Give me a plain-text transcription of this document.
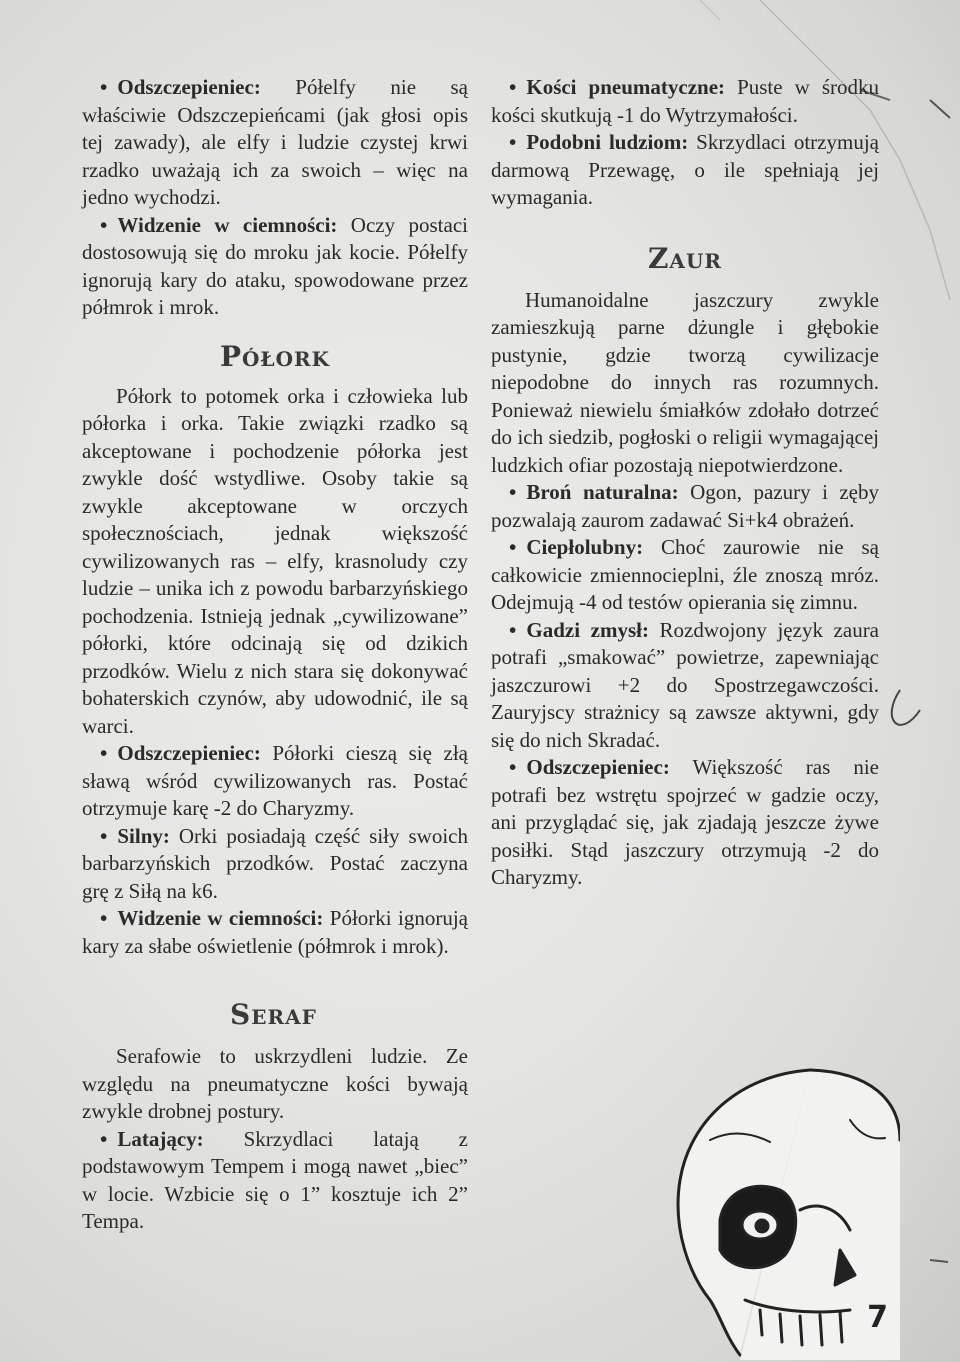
• Odszczepieniec: Półelfy nie są właściwie Odszczepieńcami (jak głosi opis tej zawady), ale elfy i ludzie czystej krwi rzadko uważają ich za swoich – więc na jedno wychodzi.

• Widzenie w ciemności: Oczy postaci dostosowują się do mroku jak kocie. Półelfy ignorują kary do ataku, spowodowane przez półmrok i mrok.

Półork

Półork to potomek orka i człowieka lub półorka i orka. Takie związki rzadko są akceptowane i pochodzenie półorka jest zwykle dość wstydliwe. Osoby takie są zwykle akceptowane w orczych społecznościach, jednak większość cywilizowanych ras – elfy, krasnoludy czy ludzie – unika ich z powodu barbarzyńskiego pochodzenia. Istnieją jednak „cywilizowane” półorki, które odcinają się od dzikich przodków. Wielu z nich stara się dokonywać bohaterskich czynów, aby udowodnić, ile są warci.

• Odszczepieniec: Półorki cieszą się złą sławą wśród cywilizowanych ras. Postać otrzymuje karę -2 do Charyzmy.

• Silny: Orki posiadają część siły swoich barbarzyńskich przodków. Postać zaczyna grę z Siłą na k6.

• Widzenie w ciemności: Półorki ignorują kary za słabe oświetlenie (półmrok i mrok).

Seraf

Serafowie to uskrzydleni ludzie. Ze względu na pneumatyczne kości bywają zwykle drobnej postury.

• Latający: Skrzydlaci latają z podstawowym Tempem i mogą nawet „biec” w locie. Wzbicie się o 1” kosztuje ich 2” Tempa.

• Kości pneumatyczne: Puste w środku kości skutkują -1 do Wytrzymałości.

• Podobni ludziom: Skrzydlaci otrzymują darmową Przewagę, o ile spełniają jej wymagania.

Zaur

Humanoidalne jaszczury zwykle zamieszkują parne dżungle i głębokie pustynie, gdzie tworzą cywilizacje niepodobne do innych ras rozumnych. Ponieważ niewielu śmiałków zdołało dotrzeć do ich siedzib, pogłoski o religii wymagającej ludzkich ofiar pozostają niepotwierdzone.

• Broń naturalna: Ogon, pazury i zęby pozwalają zaurom zadawać Si+k4 obrażeń.

• Ciepłolubny: Choć zaurowie nie są całkowicie zmiennocieplni, źle znoszą mróz. Odejmują -4 od testów opierania się zimnu.

• Gadzi zmysł: Rozdwojony język zaura potrafi „smakować” powietrze, zapewniając jaszczurowi +2 do Spostrzegawczości. Zauryjscy strażnicy są zawsze aktywni, gdy się do nich Skradać.

• Odszczepieniec: Większość ras nie potrafi bez wstrętu spojrzeć w gadzie oczy, ani przyglądać się, jak zjadają jeszcze żywe posiłki. Stąd jaszczury otrzymują -2 do Charyzmy.

7
